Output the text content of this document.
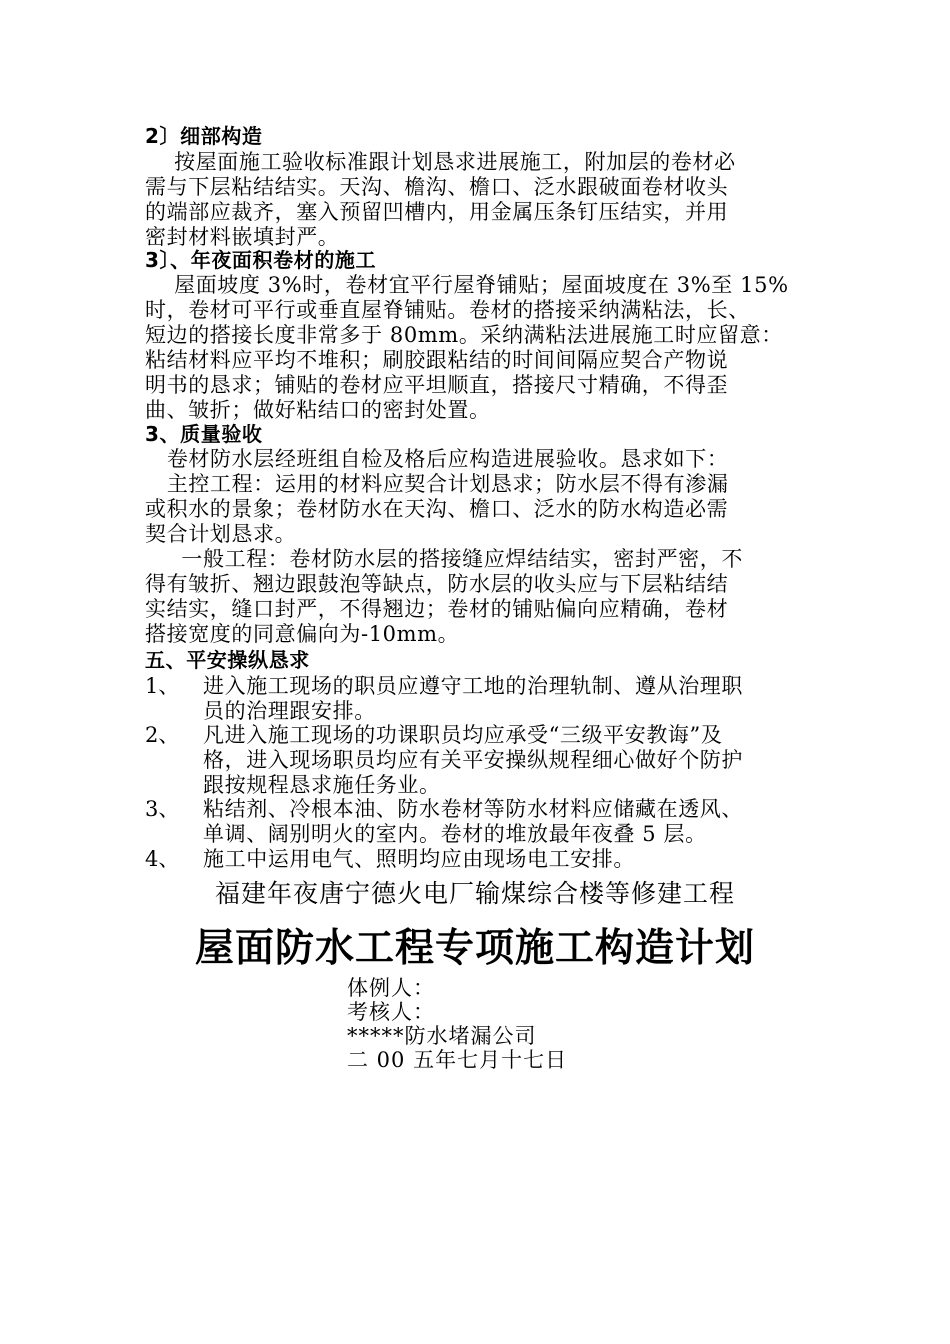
2〕细部构造
按屋面施工验收标准跟计划恳求进展施工，附加层的卷材必
需与下层粘结结实。天沟、檐沟、檐口、泛水跟破面卷材收头
的端部应裁齐，塞入预留凹槽内，用金属压条钉压结实，并用
密封材料嵌填封严。
3〕、年夜面积卷材的施工
屋面坡度 3%时，卷材宜平行屋脊铺贴；屋面坡度在 3%至 15%
时，卷材可平行或垂直屋脊铺贴。卷材的搭接采纳满粘法，长、
短边的搭接长度非常多于 80mm。采纳满粘法进展施工时应留意：
粘结材料应平均不堆积；刷胶跟粘结的时间间隔应契合产物说
明书的恳求；铺贴的卷材应平坦顺直，搭接尺寸精确，不得歪
曲、皱折；做好粘结口的密封处置。
3、质量验收
卷材防水层经班组自检及格后应构造进展验收。恳求如下：
主控工程：运用的材料应契合计划恳求；防水层不得有渗漏
或积水的景象；卷材防水在天沟、檐口、泛水的防水构造必需
契合计划恳求。
一般工程：卷材防水层的搭接缝应焊结结实，密封严密，不
得有皱折、翘边跟鼓泡等缺点，防水层的收头应与下层粘结结
实结实，缝口封严，不得翘边；卷材的铺贴偏向应精确，卷材
搭接宽度的同意偏向为-10mm。
五、平安操纵恳求
1、 进入施工现场的职员应遵守工地的治理轨制、遵从治理职
员的治理跟安排。
2、 凡进入施工现场的功课职员均应承受“三级平安教诲”及
格，进入现场职员均应有关平安操纵规程细心做好个防护
跟按规程恳求施任务业。
3、 粘结剂、冷根本油、防水卷材等防水材料应储藏在透风、
单调、阔别明火的室内。卷材的堆放最年夜叠 5 层。
4、 施工中运用电气、照明均应由现场电工安排。
福建年夜唐宁德火电厂输煤综合楼等修建工程
屋面防水工程专项施工构造计划
体例人：
考核人：
*****防水堵漏公司
二 00 五年七月十七日
